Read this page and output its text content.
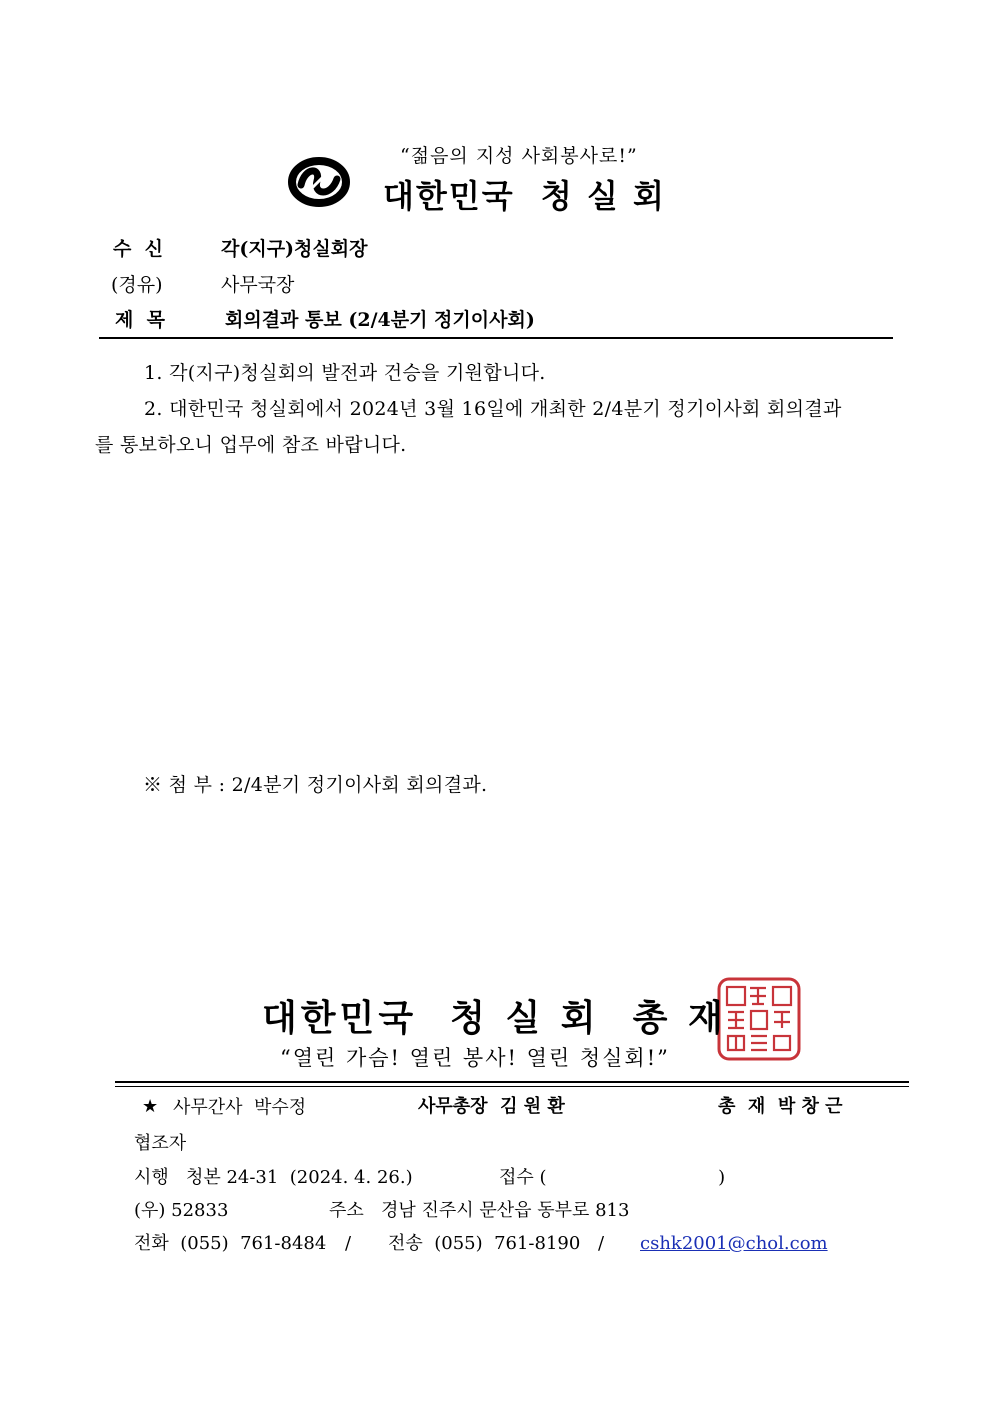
“젊음의 지성 사회봉사로!”
대한민국  청 실 회
수  신	각(지구)청실회장
(경유)	사무국장
제  목	회의결과 통보 (2/4분기 정기이사회)
1. 각(지구)청실회의 발전과 건승을 기원합니다.
2. 대한민국 청실회에서 2024년 3월 16일에 개최한 2/4분기 정기이사회 회의결과
를 통보하오니 업무에 참조 바랍니다.
※ 첨 부 : 2/4분기 정기이사회 회의결과.
대한민국  청 실 회  총 재
“열린 가슴! 열린 봉사! 열린 청실회!”
★ 사무간사  박수정	사무총장  김 원 환	총  재  박 창 근
협조자
시행   청본 24-31  (2024. 4. 26.)	접수 (                              )
(우) 52833	주소   경남 진주시 문산읍 동부로 813
전화  (055)  761-8484 / 전송  (055)  761-8190 / cshk2001@chol.com
